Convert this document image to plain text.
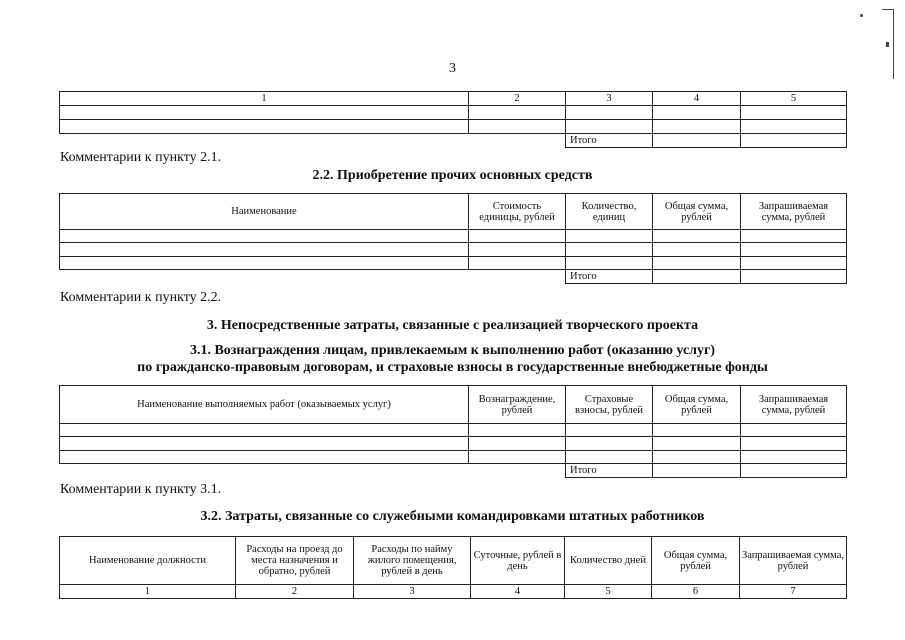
3
1	2	3	4	5

		Итого		
Комментарии к пункту 2.1.
2.2. Приобретение прочих основных средств
Наименование	Стоимость единицы, рублей	Количество, единиц	Общая сумма, рублей	Запрашиваемая сумма, рублей

		Итого		
Комментарии к пункту 2.2.
3. Непосредственные затраты, связанные с реализацией творческого проекта
3.1. Вознаграждения лицам, привлекаемым к выполнению работ (оказанию услуг)
по гражданско-правовым договорам, и страховые взносы в государственные внебюджетные фонды
Наименование выполняемых работ (оказываемых услуг)	Вознаграждение, рублей	Страховые взносы, рублей	Общая сумма, рублей	Запрашиваемая сумма, рублей

		Итого		
Комментарии к пункту 3.1.
3.2. Затраты, связанные со служебными командировками штатных работников
Наименование должности	Расходы на проезд до места назначения и обратно, рублей	Расходы по найму жилого помещения, рублей в день	Суточные, рублей в день	Количество дней	Общая сумма, рублей	Запрашиваемая сумма, рублей
1	2	3	4	5	6	7
